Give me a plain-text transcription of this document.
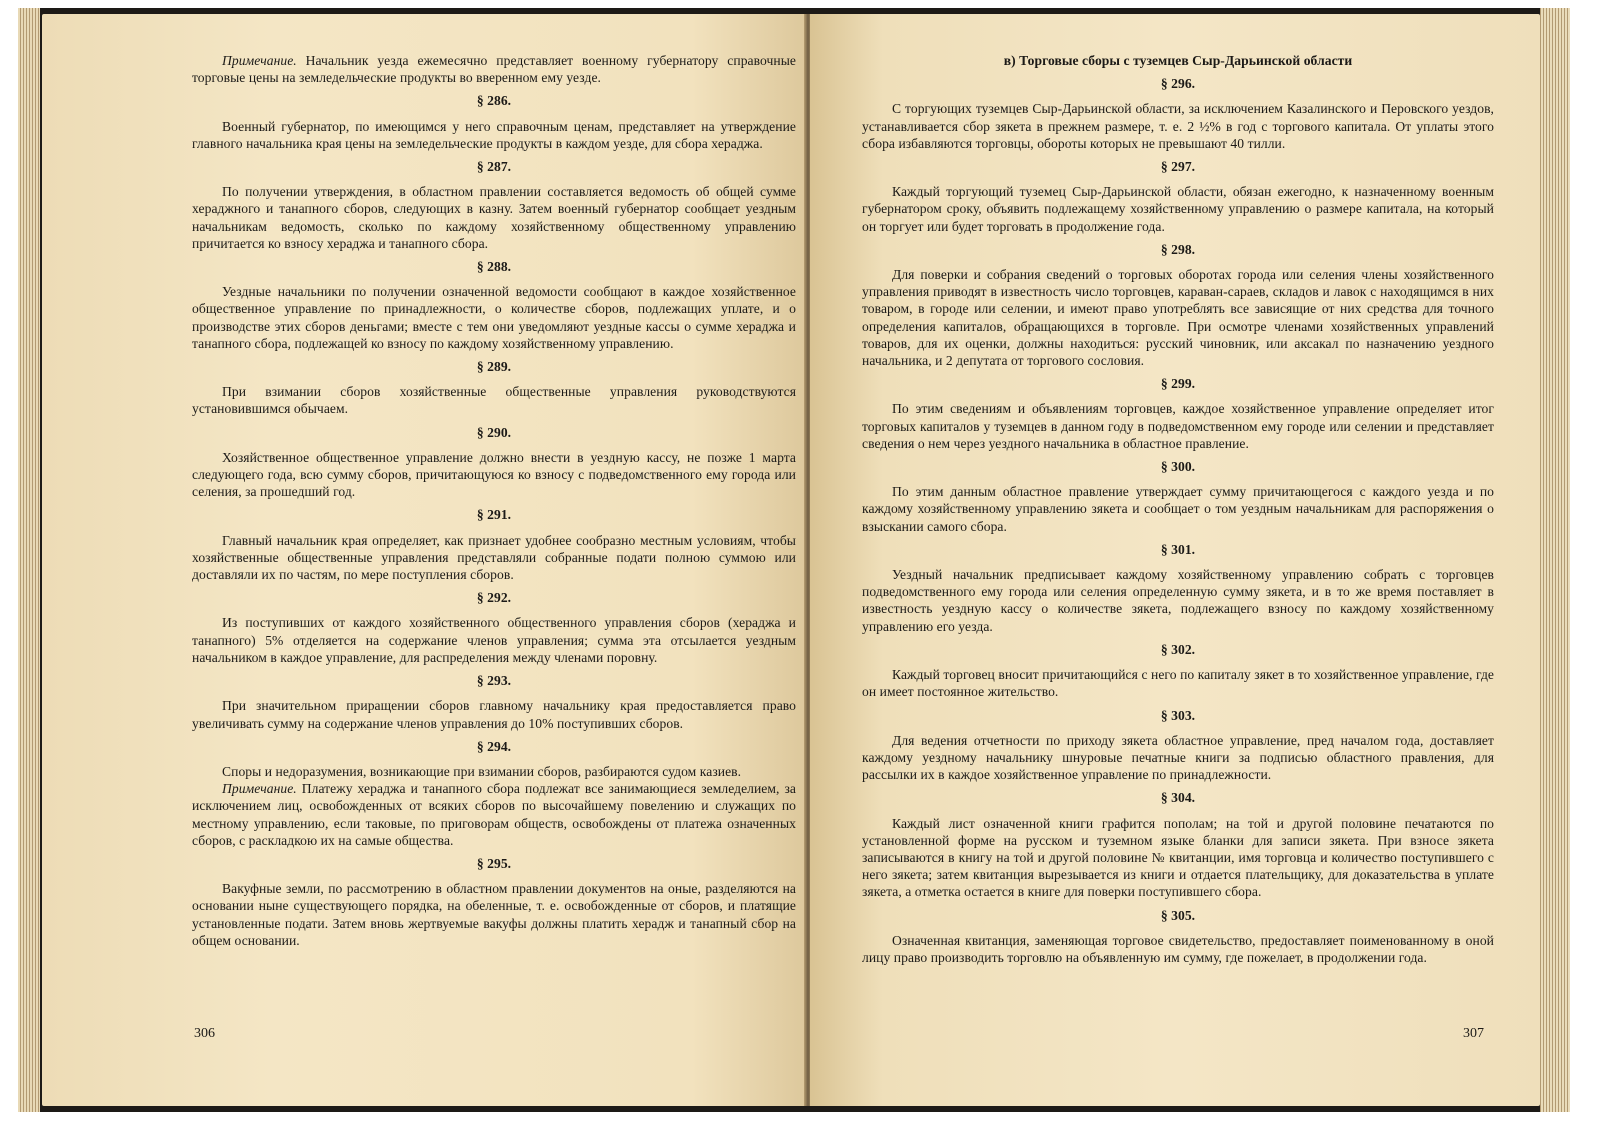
Примечание. Начальник уезда ежемесячно представляет военному губернатору справочные торговые цены на земледельческие продукты во вверенном ему уезде.

§ 286.

Военный губернатор, по имеющимся у него справочным ценам, представляет на утверждение главного начальника края цены на земледельческие продукты в каждом уезде, для сбора хераджа.

§ 287.

По получении утверждения, в областном правлении составляется ведомость об общей сумме хераджного и танапного сборов, следующих в казну. Затем военный губернатор сообщает уездным начальникам ведомость, сколько по каждому хозяйственному общественному управлению причитается ко взносу хераджа и танапного сбора.

§ 288.

Уездные начальники по получении означенной ведомости сообщают в каждое хозяйственное общественное управление по принадлежности, о количестве сборов, подлежащих уплате, и о производстве этих сборов деньгами; вместе с тем они уведомляют уездные кассы о сумме хераджа и танапного сбора, подлежащей ко взносу по каждому хозяйственному управлению.

§ 289.

При взимании сборов хозяйственные общественные управления руководствуются установившимся обычаем.

§ 290.

Хозяйственное общественное управление должно внести в уездную кассу, не позже 1 марта следующего года, всю сумму сборов, причитающуюся ко взносу с подведомственного ему города или селения, за прошедший год.

§ 291.

Главный начальник края определяет, как признает удобнее сообразно местным условиям, чтобы хозяйственные общественные управления представляли собранные подати полною суммою или доставляли их по частям, по мере поступления сборов.

§ 292.

Из поступивших от каждого хозяйственного общественного управления сборов (хераджа и танапного) 5% отделяется на содержание членов управления; сумма эта отсылается уездным начальником в каждое управление, для распределения между членами поровну.

§ 293.

При значительном приращении сборов главному начальнику края предоставляется право увеличивать сумму на содержание членов управления до 10% поступивших сборов.

§ 294.

Споры и недоразумения, возникающие при взимании сборов, разбираются судом казиев.

Примечание. Платежу хераджа и танапного сбора подлежат все занимающиеся земледелием, за исключением лиц, освобожденных от всяких сборов по высочайшему повелению и служащих по местному управлению, если таковые, по приговорам обществ, освобождены от платежа означенных сборов, с раскладкою их на самые общества.

§ 295.

Вакуфные земли, по рассмотрению в областном правлении документов на оные, разделяются на основании ныне существующего порядка, на обеленные, т. е. освобожденные от сборов, и платящие установленные подати. Затем вновь жертвуемые вакуфы должны платить херадж и танапный сбор на общем основании.

306
в) Торговые сборы с туземцев Сыр-Дарьинской области
§ 296.

С торгующих туземцев Сыр-Дарьинской области, за исключением Казалинского и Перовского уездов, устанавливается сбор зякета в прежнем размере, т. е. 2 ½% в год с торгового капитала. От уплаты этого сбора избавляются торговцы, обороты которых не превышают 40 тилли.

§ 297.

Каждый торгующий туземец Сыр-Дарьинской области, обязан ежегодно, к назначенному военным губернатором сроку, объявить подлежащему хозяйственному управлению о размере капитала, на который он торгует или будет торговать в продолжение года.

§ 298.

Для поверки и собрания сведений о торговых оборотах города или селения члены хозяйственного управления приводят в известность число торговцев, караван-сараев, складов и лавок с находящимся в них товаром, в городе или селении, и имеют право употреблять все зависящие от них средства для точного определения капиталов, обращающихся в торговле. При осмотре членами хозяйственных управлений товаров, для их оценки, должны находиться: русский чиновник, или аксакал по назначению уездного начальника, и 2 депутата от торгового сословия.

§ 299.

По этим сведениям и объявлениям торговцев, каждое хозяйственное управление определяет итог торговых капиталов у туземцев в данном году в подведомственном ему городе или селении и представляет сведения о нем через уездного начальника в областное правление.

§ 300.

По этим данным областное правление утверждает сумму причитающегося с каждого уезда и по каждому хозяйственному управлению зякета и сообщает о том уездным начальникам для распоряжения о взыскании самого сбора.

§ 301.

Уездный начальник предписывает каждому хозяйственному управлению собрать с торговцев подведомственного ему города или селения определенную сумму зякета, и в то же время поставляет в известность уездную кассу о количестве зякета, подлежащего взносу по каждому хозяйственному управлению его уезда.

§ 302.

Каждый торговец вносит причитающийся с него по капиталу зякет в то хозяйственное управление, где он имеет постоянное жительство.

§ 303.

Для ведения отчетности по приходу зякета областное управление, пред началом года, доставляет каждому уездному начальнику шнуровые печатные книги за подписью областного правления, для рассылки их в каждое хозяйственное управление по принадлежности.

§ 304.

Каждый лист означенной книги графится пополам; на той и другой половине печатаются по установленной форме на русском и туземном языке бланки для записи зякета. При взносе зякета записываются в книгу на той и другой половине № квитанции, имя торговца и количество поступившего с него зякета; затем квитанция вырезывается из книги и отдается плательщику, для доказательства в уплате зякета, а отметка остается в книге для поверки поступившего сбора.

§ 305.

Означенная квитанция, заменяющая торговое свидетельство, предоставляет поименованному в оной лицу право производить торговлю на объявленную им сумму, где пожелает, в продолжении года.

307
